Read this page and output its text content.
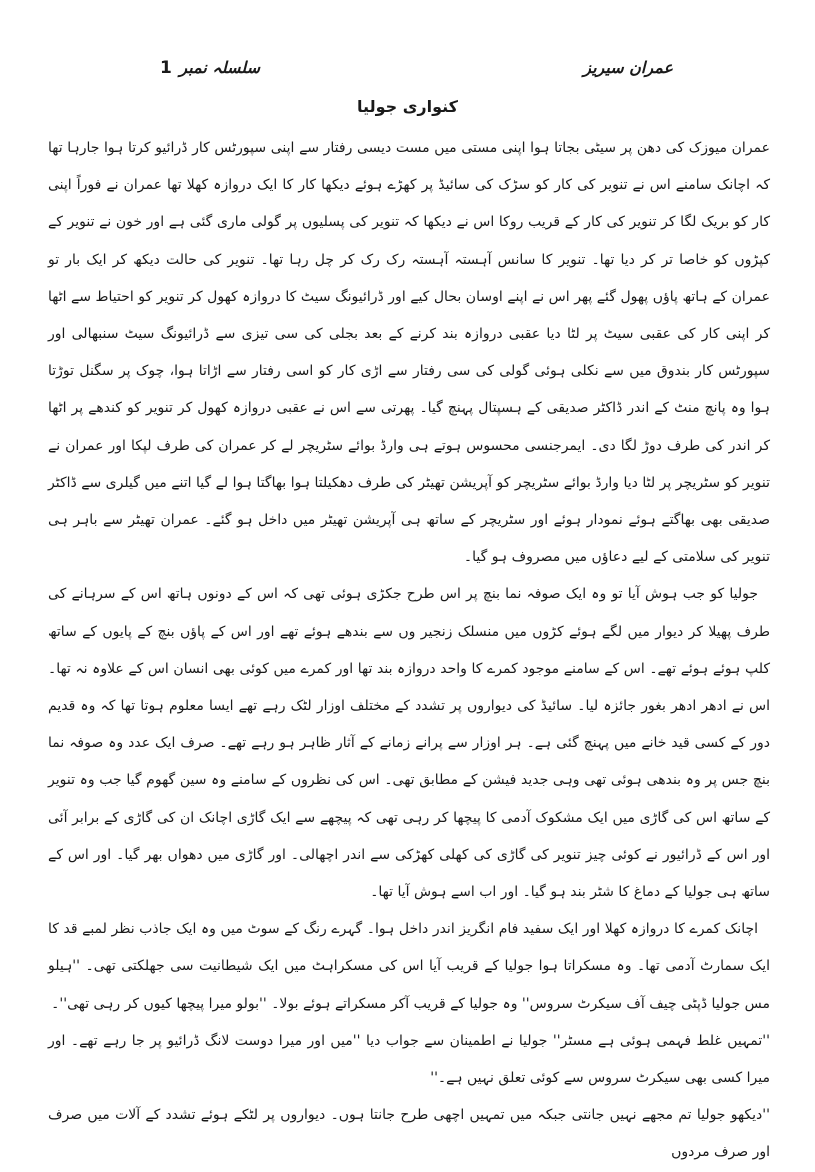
عمران سیریز
سلسلہ نمبر
1
کنواری جولیا

عمران میوزک کی دھن پر سیٹی بجاتا ہوا اپنی مستی میں مست دیسی رفتار سے اپنی سپورٹس کار ڈرائیو کرتا ہوا جارہا تھا کہ اچانک سامنے اس نے تنویر کی کار کو سڑک کی سائیڈ پر کھڑے ہوئے دیکھا کار کا ایک دروازہ کھلا تھا عمران نے فوراً اپنی کار کو بریک لگا کر تنویر کی کار کے قریب روکا اس نے دیکھا کہ تنویر کی پسلیوں پر گولی ماری گئی ہے اور خون نے تنویر کے کپڑوں کو خاصا تر کر دیا تھا۔ تنویر کا سانس آہستہ آہستہ رک رک کر چل رہا تھا۔ تنویر کی حالت دیکھ کر ایک بار تو عمران کے ہاتھ پاؤں پھول گئے پھر اس نے اپنے اوسان بحال کیے اور ڈرائیونگ سیٹ کا دروازہ کھول کر تنویر کو احتیاط سے اٹھا کر اپنی کار کی عقبی سیٹ پر لٹا دیا عقبی دروازہ بند کرنے کے بعد بجلی کی سی تیزی سے ڈرائیونگ سیٹ سنبھالی اور سپورٹس کار بندوق میں سے نکلی ہوئی گولی کی سی رفتار سے اڑی کار کو اسی رفتار سے اڑاتا ہوا، چوک پر سگنل توڑتا ہوا وہ پانچ منٹ کے اندر ڈاکٹر صدیقی کے ہسپتال پہنچ گیا۔ پھرتی سے اس نے عقبی دروازہ کھول کر تنویر کو کندھے پر اٹھا کر اندر کی طرف دوڑ لگا دی۔ ایمرجنسی محسوس ہوتے ہی وارڈ بوائے سٹریچر لے کر عمران کی طرف لپکا اور عمران نے تنویر کو سٹریچر پر لٹا دیا وارڈ بوائے سٹریچر کو آپریشن تھیٹر کی طرف دھکیلتا ہوا بھاگتا ہوا لے گیا اتنے میں گیلری سے ڈاکٹر صدیقی بھی بھاگتے ہوئے نمودار ہوئے اور سٹریچر کے ساتھ ہی آپریشن تھیٹر میں داخل ہو گئے۔ عمران تھیٹر سے باہر ہی تنویر کی سلامتی کے لیے دعاؤں میں مصروف ہو گیا۔

جولیا کو جب ہوش آیا تو وہ ایک صوفہ نما بنچ پر اس طرح جکڑی ہوئی تھی کہ اس کے دونوں ہاتھ اس کے سرہانے کی طرف پھیلا کر دیوار میں لگے ہوئے کڑوں میں منسلک زنجیر وں سے بندھے ہوئے تھے اور اس کے پاؤں بنچ کے پایوں کے ساتھ کلپ ہوئے ہوئے تھے۔ اس کے سامنے موجود کمرے کا واحد دروازہ بند تھا اور کمرے میں کوئی بھی انسان اس کے علاوہ نہ تھا۔ اس نے ادھر ادھر بغور جائزہ لیا۔ سائیڈ کی دیواروں پر تشدد کے مختلف اوزار لٹک رہے تھے ایسا معلوم ہوتا تھا کہ وہ قدیم دور کے کسی قید خانے میں پہنچ گئی ہے۔ ہر اوزار سے پرانے زمانے کے آثار ظاہر ہو رہے تھے۔ صرف ایک عدد وہ صوفہ نما بنچ جس پر وہ بندھی ہوئی تھی وہی جدید فیشن کے مطابق تھی۔ اس کی نظروں کے سامنے وہ سین گھوم گیا جب وہ تنویر کے ساتھ اس کی گاڑی میں ایک مشکوک آدمی کا پیچھا کر رہی تھی کہ پیچھے سے ایک گاڑی اچانک ان کی گاڑی کے برابر آئی اور اس کے ڈرائیور نے کوئی چیز تنویر کی گاڑی کی کھلی کھڑکی سے اندر اچھالی۔ اور گاڑی میں دھواں بھر گیا۔ اور اس کے ساتھ ہی جولیا کے دماغ کا شٹر بند ہو گیا۔ اور اب اسے ہوش آیا تھا۔

اچانک کمرے کا دروازہ کھلا اور ایک سفید فام انگریز اندر داخل ہوا۔ گہرے رنگ کے سوٹ میں وہ ایک جاذب نظر لمبے قد کا ایک سمارٹ آدمی تھا۔ وہ مسکراتا ہوا جولیا کے قریب آیا اس کی مسکراہٹ میں ایک شیطانیت سی جھلکتی تھی۔ ''ہیلو مس جولیا ڈپٹی چیف آف سیکرٹ سروس'' وہ جولیا کے قریب آکر مسکراتے ہوئے بولا۔ ''بولو میرا پیچھا کیوں کر رہی تھی''۔

''تمہیں غلط فہمی ہوئی ہے مسٹر'' جولیا نے اطمینان سے جواب دیا ''میں اور میرا دوست لانگ ڈرائیو پر جا رہے تھے۔ اور میرا کسی بھی سیکرٹ سروس سے کوئی تعلق نہیں ہے۔''

''دیکھو جولیا تم مجھے نہیں جانتی جبکہ میں تمہیں اچھی طرح جانتا ہوں۔ دیواروں پر لٹکے ہوئے تشدد کے آلات میں صرف اور صرف مردوں
